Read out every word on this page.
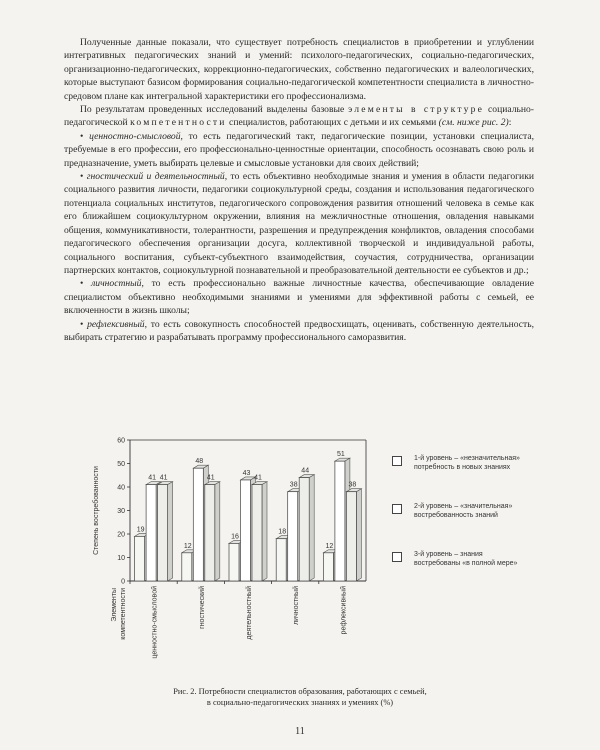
Полученные данные показали, что существует потребность специалистов в приобретении и углублении интегративных педагогических знаний и умений: психолого-педагогических, социально-педагогических, организационно-педагогических, коррекционно-педагогических, собственно педагогических и валеологических, которые выступают базисом формирования социально-педагогической компетентности специалиста в личностно-средовом плане как интегральной характеристики его профессионализма.

По результатам проведенных исследований выделены базовые элементы в структуре социально-педагогической компетентности специалистов, работающих с детьми и их семьями (см. ниже рис. 2):

• ценностно-смысловой, то есть педагогический такт, педагогические позиции, установки специалиста, требуемые в его профессии, его профессионально-ценностные ориентации, способность осознавать свою роль и предназначение, уметь выбирать целевые и смысловые установки для своих действий;

• гностический и деятельностный, то есть объективно необходимые знания и умения в области педагогики социального развития личности, педагогики социокультурной среды, создания и использования педагогического потенциала социальных институтов, педагогического сопровождения развития отношений человека в семье как его ближайшем социокультурном окружении, влияния на межличностные отношения, овладения навыками общения, коммуникативности, толерантности, разрешения и предупреждения конфликтов, овладения способами педагогического обеспечения организации досуга, коллективной творческой и индивидуальной работы, социального воспитания, субъект-субъектного взаимодействия, соучастия, сотрудничества, организации партнерских контактов, социокультурной познавательной и преобразовательной деятельности ее субъектов и др.;

• личностный, то есть профессионально важные личностные качества, обеспечивающие овладение специалистом объективно необходимыми знаниями и умениями для эффективной работы с семьей, ее включенности в жизнь школы;

• рефлексивный, то есть совокупность способностей предвосхищать, оценивать, собственную деятельность, выбирать стратегию и разрабатывать программу профессионального саморазвития.

0
10
20
30
40
50
60
Степень востребованности
Элементы компетентности
19
41 41
ценностно-смысловой
12
48
41
гностический
16
43
41
деятельностный
18
38
44
личностный
12
51
38
рефлексивный
1-й уровень – «незначительная» потребность в новых знаниях
2-й уровень – «значительная» востребованность знаний
3-й уровень – знания востребованы «в полной мере»
Рис. 2. Потребности специалистов образования, работающих с семьей,
в социально-педагогических знаниях и умениях (%)
11
